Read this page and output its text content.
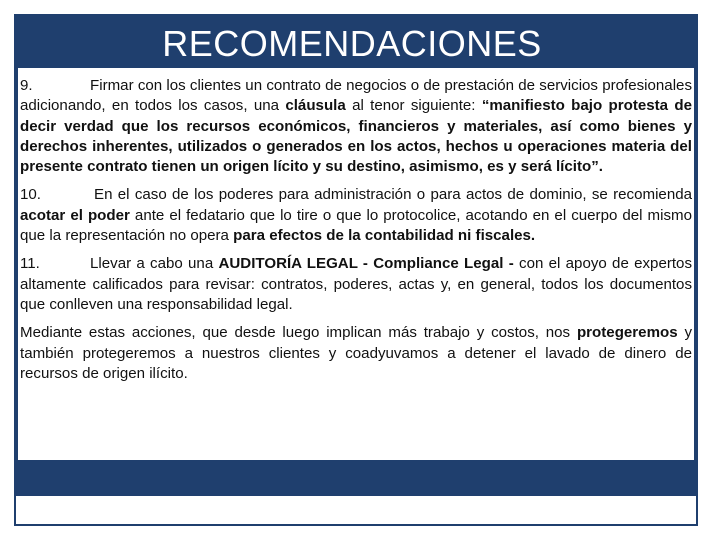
RECOMENDACIONES

9.	Firmar con los clientes un contrato de negocios o de prestación de servicios profesionales adicionando, en todos los casos, una cláusula al tenor siguiente: “manifiesto bajo protesta de decir verdad que los recursos económicos, financieros y materiales, así como bienes y derechos inherentes, utilizados o generados en los actos, hechos u operaciones materia del presente contrato tienen un origen lícito y su destino, asimismo, es y será lícito”.

10.	En el caso de los poderes para administración o para actos de dominio, se recomienda acotar el poder ante el fedatario que lo tire o que lo protocolice, acotando en el cuerpo del mismo que la representación no opera para efectos de la contabilidad ni fiscales.

11.	Llevar a cabo una AUDITORÍA LEGAL - Compliance Legal - con el apoyo de expertos altamente calificados para revisar: contratos, poderes, actas y, en general, todos los documentos que conlleven una responsabilidad legal.

Mediante estas acciones, que desde luego implican más trabajo y costos, nos protegeremos y también protegeremos a nuestros clientes y coadyuvamos a detener el lavado de dinero de recursos de origen ilícito.
